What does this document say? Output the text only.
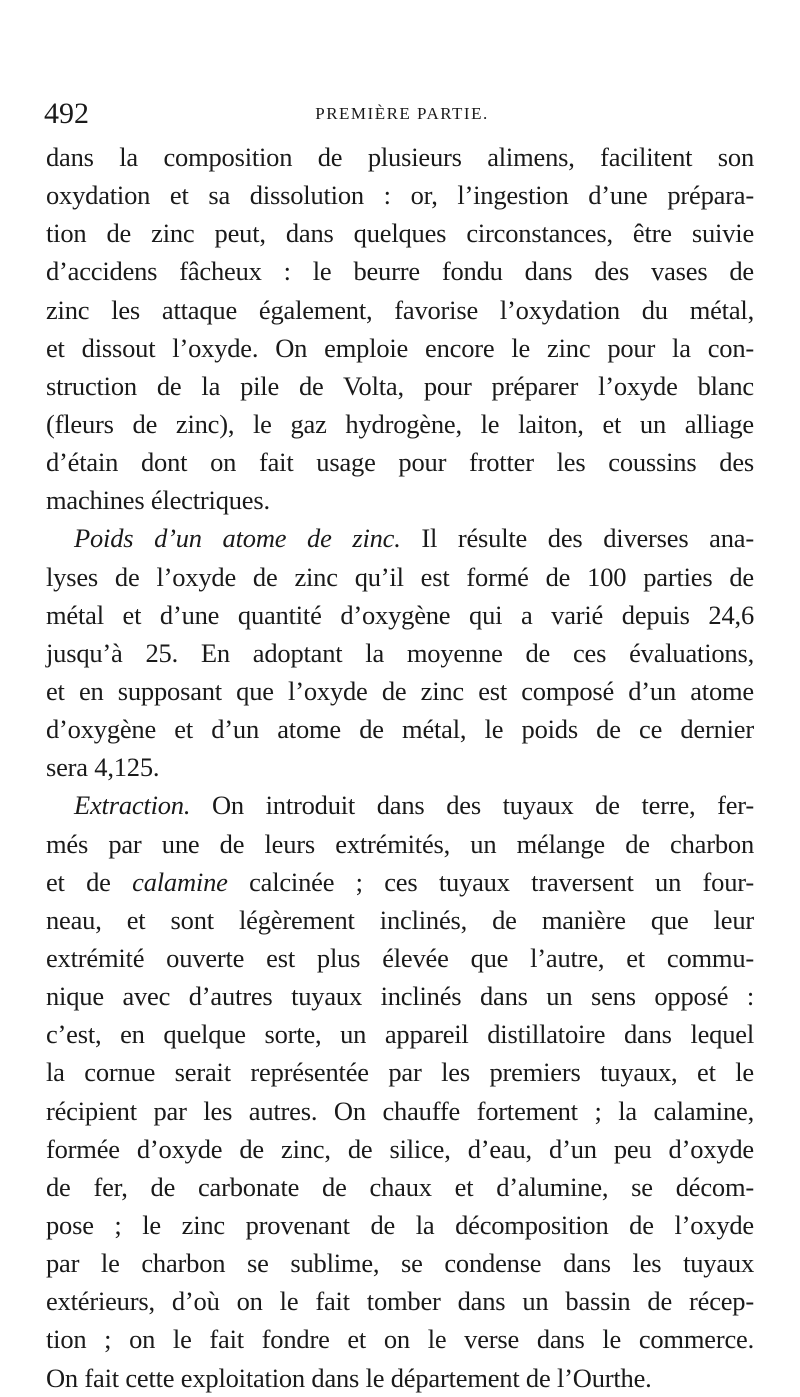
492	PREMIÈRE PARTIE.
dans la composition de plusieurs alimens, facilitent son
oxydation et sa dissolution : or, l’ingestion d’une prépara-
tion de zinc peut, dans quelques circonstances, être suivie
d’accidens fâcheux : le beurre fondu dans des vases de
zinc les attaque également, favorise l’oxydation du métal,
et dissout l’oxyde. On emploie encore le zinc pour la con-
struction de la pile de Volta, pour préparer l’oxyde blanc
(fleurs de zinc), le gaz hydrogène, le laiton, et un alliage
d’étain dont on fait usage pour frotter les coussins des
machines électriques.
Poids d’un atome de zinc. Il résulte des diverses ana-
lyses de l’oxyde de zinc qu’il est formé de 100 parties de
métal et d’une quantité d’oxygène qui a varié depuis 24,6
jusqu’à 25. En adoptant la moyenne de ces évaluations,
et en supposant que l’oxyde de zinc est composé d’un atome
d’oxygène et d’un atome de métal, le poids de ce dernier
sera 4,125.
Extraction. On introduit dans des tuyaux de terre, fer-
més par une de leurs extrémités, un mélange de charbon
et de calamine calcinée ; ces tuyaux traversent un four-
neau, et sont légèrement inclinés, de manière que leur
extrémité ouverte est plus élevée que l’autre, et commu-
nique avec d’autres tuyaux inclinés dans un sens opposé :
c’est, en quelque sorte, un appareil distillatoire dans lequel
la cornue serait représentée par les premiers tuyaux, et le
récipient par les autres. On chauffe fortement ; la calamine,
formée d’oxyde de zinc, de silice, d’eau, d’un peu d’oxyde
de fer, de carbonate de chaux et d’alumine, se décom-
pose ; le zinc provenant de la décomposition de l’oxyde
par le charbon se sublime, se condense dans les tuyaux
extérieurs, d’où on le fait tomber dans un bassin de récep-
tion ; on le fait fondre et on le verse dans le commerce.
On fait cette exploitation dans le département de l’Ourthe.
